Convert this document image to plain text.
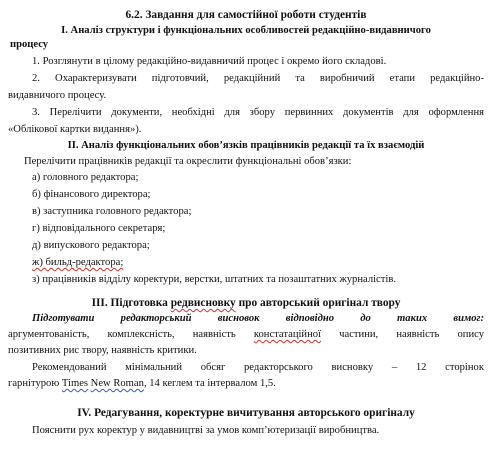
6.2. Завдання для самостійної роботи студентів
I. Аналіз структури і функціональних особливостей редакційно-видавничого
процесу
1. Розглянути в цілому редакційно-видавничий процес і окремо його складові.
2. Охарактеризувати підготовчий, редакційний та виробничий етапи редакційно-
видавничого процесу.
3. Перелічити документи, необхідні для збору первинних документів для оформлення
«Облікової картки видання»).
II. Аналіз функціональних обов’язків працівників редакції та їх взаємодій
Перелічити працівників редакції та окреслити функціональні обов’язки:
а) головного редактора;
б) фінансового директора;
в) заступника головного редактора;
г) відповідального секретаря;
д) випускового редактора;
ж) бильд-редактора;
з) працівників відділу коректури, верстки, штатних та позаштатних журналістів.
III. Підготовка редвисновку про авторський оригінал твору
Підготувати редакторський висновок відповідно до таких вимог:
аргументованість, комплексність, наявність констатаційної частини, наявність опису
позитивних рис твору, наявність критики.
Рекомендований мінімальний обсяг редакторського висновку – 12 сторінок
гарнітурою Times New Roman, 14 кеглем та інтервалом 1,5.
IV. Редагування, коректурне вичитування авторського оригіналу
Пояснити рух коректур у видавництві за умов комп’ютеризації виробництва.
